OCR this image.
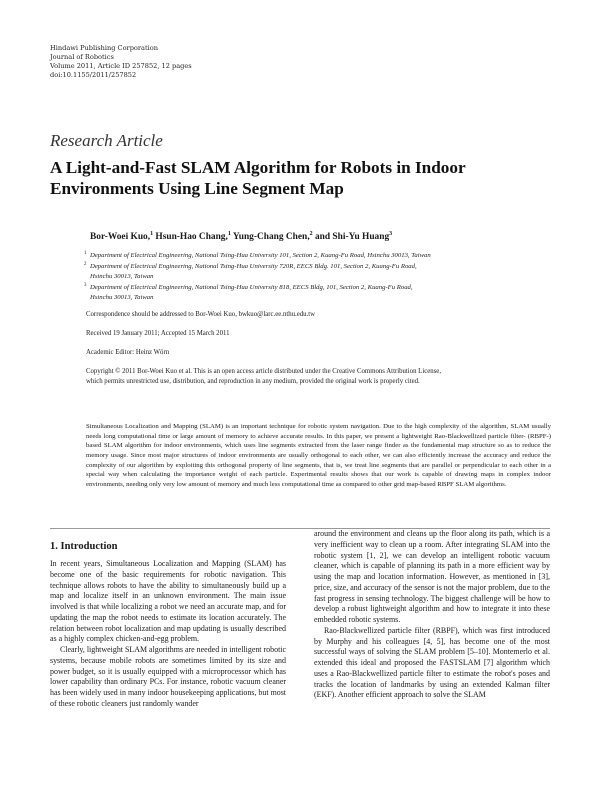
Hindawi Publishing Corporation
Journal of Robotics
Volume 2011, Article ID 257852, 12 pages
doi:10.1155/2011/257852
Research Article
A Light-and-Fast SLAM Algorithm for Robots in Indoor
Environments Using Line Segment Map
Bor-Woei Kuo,$^1$ Hsun-Hao Chang,$^1$ Yung-Chang Chen,$^2$ and Shi-Yu Huang$^3$
1 Department of Electrical Engineering, National Tsing-Hua University 101, Section 2, Kuang-Fu Road, Hsinchu 30013, Taiwan
2 Department of Electrical Engineering, National Tsing-Hua University 720R, EECS Bldg. 101, Section 2, Kuang-Fu Road,
Hsinchu 30013, Taiwan
3 Department of Electrical Engineering, National Tsing-Hua University 818, EECS Bldg, 101, Section 2, Kuang-Fu Road,
Hsinchu 30013, Taiwan
Correspondence should be addressed to Bor-Woei Kuo, bwkuo@larc.ee.nthu.edu.tw
Received 19 January 2011; Accepted 15 March 2011
Academic Editor: Heinz Wörn
Copyright © 2011 Bor-Woei Kuo et al. This is an open access article distributed under the Creative Commons Attribution License,
which permits unrestricted use, distribution, and reproduction in any medium, provided the original work is properly cited.
Simultaneous Localization and Mapping (SLAM) is an important technique for robotic system navigation. Due to the high complexity of the algorithm, SLAM usually needs long computational time or large amount of memory to achieve accurate results. In this paper, we present a lightweight Rao-Blackwellized particle filter- (RBPF-) based SLAM algorithm for indoor environments, which uses line segments extracted from the laser range finder as the fundamental map structure so as to reduce the memory usage. Since most major structures of indoor environments are usually orthogonal to each other, we can also efficiently increase the accuracy and reduce the complexity of our algorithm by exploiting this orthogonal property of line segments, that is, we treat line segments that are parallel or perpendicular to each other in a special way when calculating the importance weight of each particle. Experimental results shows that our work is capable of drawing maps in complex indoor environments, needing only very low amount of memory and much less computational time as compared to other grid map-based RBPF SLAM algorithms.
1. Introduction

In recent years, Simultaneous Localization and Mapping (SLAM) has become one of the basic requirements for robotic navigation. This technique allows robots to have the ability to simultaneously build up a map and localize itself in an unknown environment. The main issue involved is that while localizing a robot we need an accurate map, and for updating the map the robot needs to estimate its location accurately. The relation between robot localization and map updating is usually described as a highly complex chicken-and-egg problem.

Clearly, lightweight SLAM algorithms are needed in intelligent robotic systems, because mobile robots are sometimes limited by its size and power budget, so it is usually equipped with a microprocessor which has lower capability than ordinary PCs. For instance, robotic vacuum cleaner has been widely used in many indoor housekeeping applications, but most of these robotic cleaners just randomly wander

around the environment and cleans up the floor along its path, which is a very inefficient way to clean up a room. After integrating SLAM into the robotic system [1, 2], we can develop an intelligent robotic vacuum cleaner, which is capable of planning its path in a more efficient way by using the map and location information. However, as mentioned in [3], price, size, and accuracy of the sensor is not the major problem, due to the fast progress in sensing technology. The biggest challenge will be how to develop a robust lightweight algorithm and how to integrate it into these embedded robotic systems.

Rao-Blackwellized particle filter (RBPF), which was first introduced by Murphy and his colleagues [4, 5], has become one of the most successful ways of solving the SLAM problem [5–10]. Montemerlo et al. extended this ideal and proposed the FASTSLAM [7] algorithm which uses a Rao-Blackwellized particle filter to estimate the robot's poses and tracks the location of landmarks by using an extended Kalman filter (EKF). Another efficient approach to solve the SLAM
